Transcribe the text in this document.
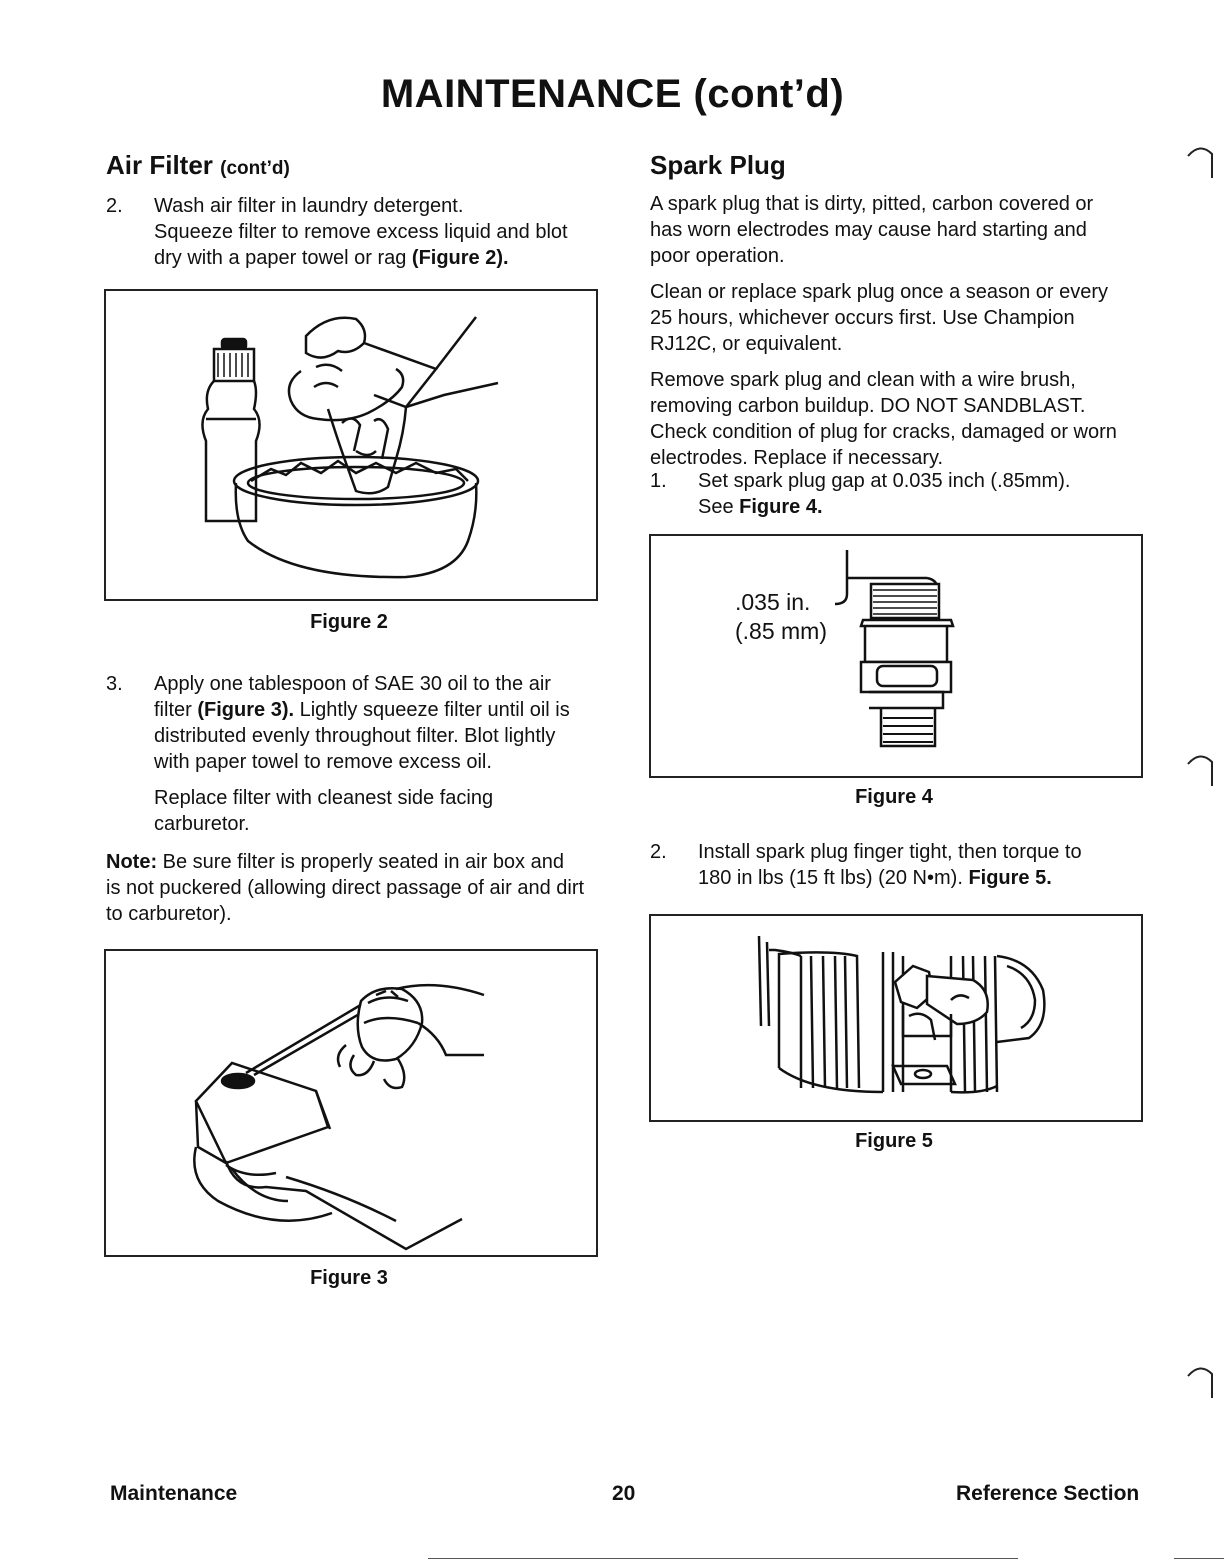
MAINTENANCE (cont’d)
Air Filter (cont’d)
2. Wash air filter in laundry detergent.

Squeeze filter to remove excess liquid and blot

dry with a paper towel or rag (Figure 2).

Figure 2
3. Apply one tablespoon of SAE 30 oil to the air

filter (Figure 3). Lightly squeeze filter until oil is

distributed evenly throughout filter. Blot lightly

with paper towel to remove excess oil.

Replace filter with cleanest side facing

carburetor.

Note: Be sure filter is properly seated in air box and

is not puckered (allowing direct passage of air and dirt

to carburetor).

Figure 3
Spark Plug

A spark plug that is dirty, pitted, carbon covered or

has worn electrodes may cause hard starting and

poor operation.

Clean or replace spark plug once a season or every

25 hours, whichever occurs first. Use Champion

RJ12C, or equivalent.

Remove spark plug and clean with a wire brush,

removing carbon buildup. DO NOT SANDBLAST.

Check condition of plug for cracks, damaged or worn

electrodes. Replace if necessary.

1. Set spark plug gap at 0.035 inch (.85mm).

See Figure 4.

.035 in.

(.85 mm)

Figure 4
2. Install spark plug finger tight, then torque to

180 in lbs (15 ft lbs) (20 N•m). Figure 5.

Figure 5
Maintenance	20	Reference Section
